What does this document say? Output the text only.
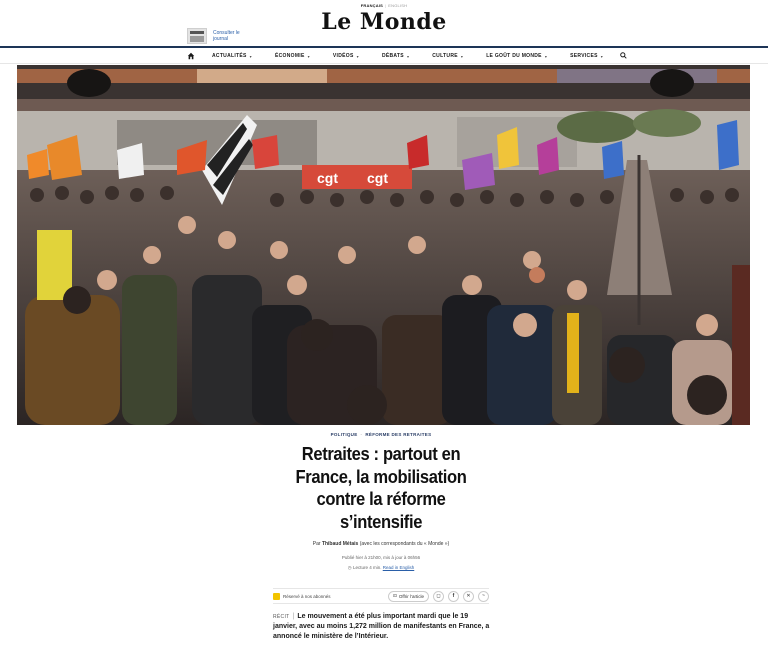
FRANÇAIS | ENGLISH
Le Monde
Consulter le journal
ACTUALITÉS ▾	ÉCONOMIE ▾	VIDÉOS ▾	DÉBATS ▾	CULTURE ▾	LE GOÛT DU MONDE ▾	SERVICES ▾
cgt cgt
POLITIQUE · RÉFORME DES RETRAITES
Retraites : partout en France, la mobilisation contre la réforme s’intensifie
Par Thibaud Métais (avec les correspondants du « Monde »)
Publié hier à 21h00, mis à jour à 06h56
◷ Lecture 4 min. Read in English
Réservé à nos abonnés	⊡ Offrir l’article	◻	f	✕	~

RÉCIT | Le mouvement a été plus important mardi que le 19 janvier, avec au moins 1,272 million de manifestants en France, a annoncé le ministère de l’Intérieur.
